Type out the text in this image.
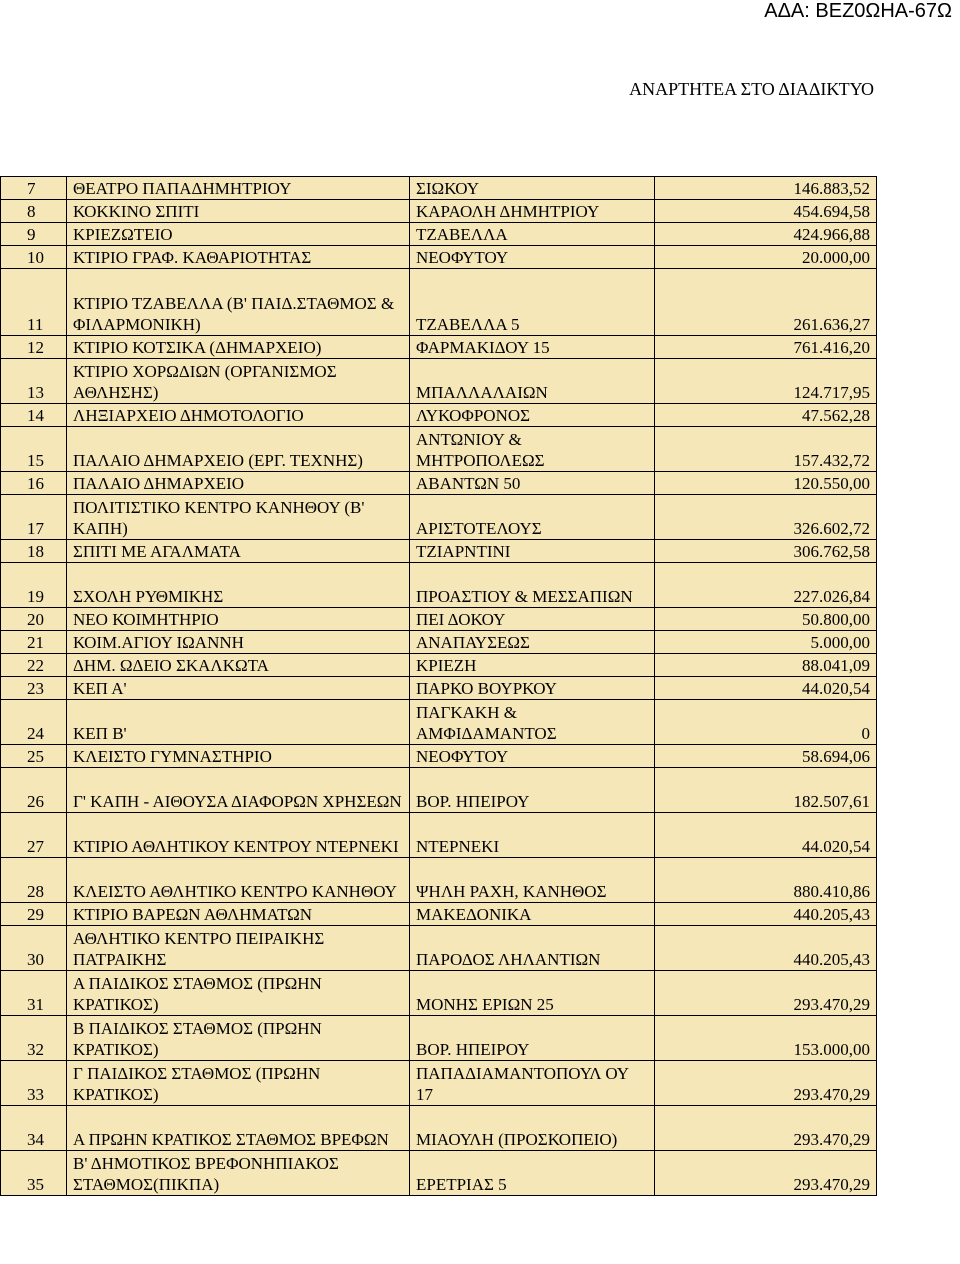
ΑΔΑ: ΒΕΖ0ΩΗΑ-67Ω
ΑΝΑΡΤΗΤΕΑ ΣΤΟ ΔΙΑΔΙΚΤΥΟ
7	ΘΕΑΤΡΟ ΠΑΠΑΔΗΜΗΤΡΙΟΥ	ΣΙΩΚΟΥ	146.883,52
8	ΚΟΚΚΙΝΟ ΣΠΙΤΙ	ΚΑΡΑΟΛΗ ΔΗΜΗΤΡΙΟΥ	454.694,58
9	ΚΡΙΕΖΩΤΕΙΟ	ΤΖΑΒΕΛΛΑ	424.966,88
10	ΚΤΙΡΙΟ ΓΡΑΦ. ΚΑΘΑΡΙΟΤΗΤΑΣ	ΝΕΟΦΥΤΟΥ	20.000,00
11	ΚΤΙΡΙΟ ΤΖΑΒΕΛΛΑ (Β' ΠΑΙΔ.ΣΤΑΘΜΟΣ & ΦΙΛΑΡΜΟΝΙΚΗ)	ΤΖΑΒΕΛΛΑ 5	261.636,27
12	ΚΤΙΡΙΟ ΚΟΤΣΙΚΑ (ΔΗΜΑΡΧΕΙΟ)	ΦΑΡΜΑΚΙΔΟΥ 15	761.416,20
13	ΚΤΙΡΙΟ ΧΟΡΩΔΙΩΝ (ΟΡΓΑΝΙΣΜΟΣ ΑΘΛΗΣΗΣ)	ΜΠΑΛΛΑΛΑΙΩΝ	124.717,95
14	ΛΗΞΙΑΡΧΕΙΟ ΔΗΜΟΤΟΛΟΓΙΟ	ΛΥΚΟΦΡΟΝΟΣ	47.562,28
15	ΠΑΛΑΙΟ ΔΗΜΑΡΧΕΙΟ (ΕΡΓ. ΤΕΧΝΗΣ)	ΑΝΤΩΝΙΟΥ & ΜΗΤΡΟΠΟΛΕΩΣ	157.432,72
16	ΠΑΛΑΙΟ ΔΗΜΑΡΧΕΙΟ	ΑΒΑΝΤΩΝ 50	120.550,00
17	ΠΟΛΙΤΙΣΤΙΚΟ ΚΕΝΤΡΟ ΚΑΝΗΘΟΥ (Β' ΚΑΠΗ)	ΑΡΙΣΤΟΤΕΛΟΥΣ	326.602,72
18	ΣΠΙΤΙ ΜΕ ΑΓΑΛΜΑΤΑ	ΤΖΙΑΡΝΤΙΝΙ	306.762,58
19	ΣΧΟΛΗ ΡΥΘΜΙΚΗΣ	ΠΡΟΑΣΤΙΟΥ & ΜΕΣΣΑΠΙΩΝ	227.026,84
20	ΝΕΟ ΚΟΙΜΗΤΗΡΙΟ	ΠΕΙ ΔΟΚΟΥ	50.800,00
21	ΚΟΙΜ.ΑΓΙΟΥ ΙΩΑΝΝΗ	ΑΝΑΠΑΥΣΕΩΣ	5.000,00
22	ΔΗΜ. ΩΔΕΙΟ ΣΚΑΛΚΩΤΑ	ΚΡΙΕΖΗ	88.041,09
23	ΚΕΠ Α'	ΠΑΡΚΟ ΒΟΥΡΚΟΥ	44.020,54
24	ΚΕΠ Β'	ΠΑΓΚΑΚΗ & ΑΜΦΙΔΑΜΑΝΤΟΣ	0
25	ΚΛΕΙΣΤΟ ΓΥΜΝΑΣΤΗΡΙΟ	ΝΕΟΦΥΤΟΥ	58.694,06
26	Γ' ΚΑΠΗ - ΑΙΘΟΥΣΑ ΔΙΑΦΟΡΩΝ ΧΡΗΣΕΩΝ	ΒΟΡ. ΗΠΕΙΡΟΥ	182.507,61
27	ΚΤΙΡΙΟ ΑΘΛΗΤΙΚΟΥ ΚΕΝΤΡΟΥ ΝΤΕΡΝΕΚΙ	ΝΤΕΡΝΕΚΙ	44.020,54
28	ΚΛΕΙΣΤΟ ΑΘΛΗΤΙΚΟ ΚΕΝΤΡΟ ΚΑΝΗΘΟΥ	ΨΗΛΗ ΡΑΧΗ, ΚΑΝΗΘΟΣ	880.410,86
29	ΚΤΙΡΙΟ ΒΑΡΕΩΝ ΑΘΛΗΜΑΤΩΝ	ΜΑΚΕΔΟΝΙΚΑ	440.205,43
30	ΑΘΛΗΤΙΚΟ ΚΕΝΤΡΟ ΠΕΙΡΑΙΚΗΣ ΠΑΤΡΑΙΚΗΣ	ΠΑΡΟΔΟΣ ΛΗΛΑΝΤΙΩΝ	440.205,43
31	Α ΠΑΙΔΙΚΟΣ ΣΤΑΘΜΟΣ (ΠΡΩΗΝ ΚΡΑΤΙΚΟΣ)	ΜΟΝΗΣ ΕΡΙΩΝ 25	293.470,29
32	Β ΠΑΙΔΙΚΟΣ ΣΤΑΘΜΟΣ (ΠΡΩΗΝ ΚΡΑΤΙΚΟΣ)	ΒΟΡ. ΗΠΕΙΡΟΥ	153.000,00
33	Γ ΠΑΙΔΙΚΟΣ ΣΤΑΘΜΟΣ (ΠΡΩΗΝ ΚΡΑΤΙΚΟΣ)	ΠΑΠΑΔΙΑΜΑΝΤΟΠΟΥΛ ΟΥ 17	293.470,29
34	Α ΠΡΩΗΝ ΚΡΑΤΙΚΟΣ ΣΤΑΘΜΟΣ ΒΡΕΦΩΝ	ΜΙΑΟΥΛΗ (ΠΡΟΣΚΟΠΕΙΟ)	293.470,29
35	Β' ΔΗΜΟΤΙΚΟΣ ΒΡΕΦΟΝΗΠΙΑΚΟΣ ΣΤΑΘΜΟΣ(ΠΙΚΠΑ)	ΕΡΕΤΡΙΑΣ 5	293.470,29
